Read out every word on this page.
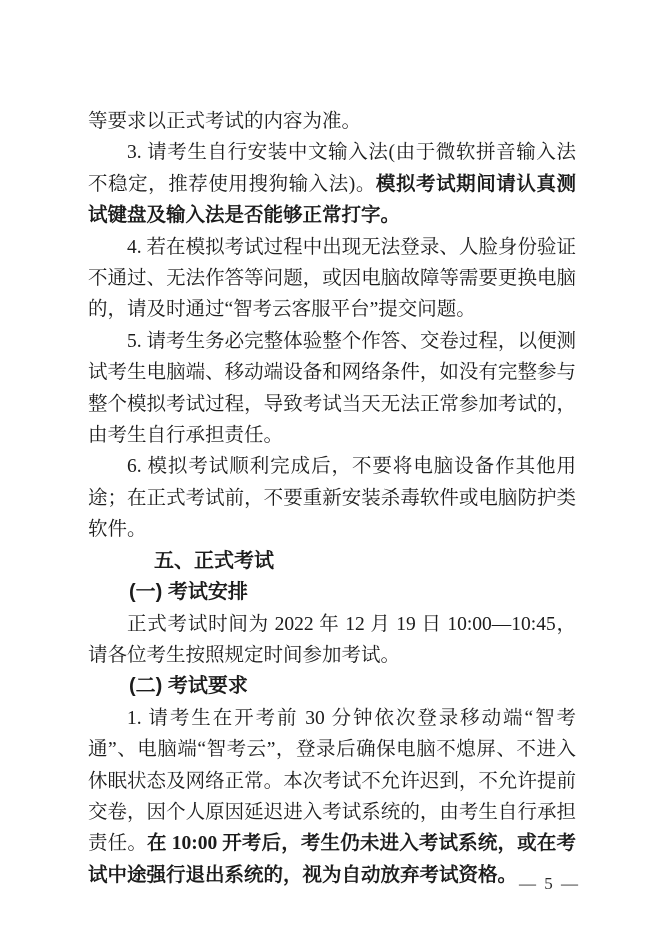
等要求以正式考试的内容为准。

3. 请考生自行安装中文输入法(由于微软拼音输入法不稳定，推荐使用搜狗输入法)。模拟考试期间请认真测试键盘及输入法是否能够正常打字。

4. 若在模拟考试过程中出现无法登录、人脸身份验证不通过、无法作答等问题，或因电脑故障等需要更换电脑的，请及时通过“智考云客服平台”提交问题。

5. 请考生务必完整体验整个作答、交卷过程，以便测试考生电脑端、移动端设备和网络条件，如没有完整参与整个模拟考试过程，导致考试当天无法正常参加考试的，由考生自行承担责任。

6. 模拟考试顺利完成后，不要将电脑设备作其他用途；在正式考试前，不要重新安装杀毒软件或电脑防护类软件。

五、正式考试

(一) 考试安排

正式考试时间为 2022 年 12 月 19 日 10:00—10:45，请各位考生按照规定时间参加考试。

(二) 考试要求

1. 请考生在开考前 30 分钟依次登录移动端“智考通”、电脑端“智考云”，登录后确保电脑不熄屏、不进入休眠状态及网络正常。本次考试不允许迟到，不允许提前交卷，因个人原因延迟进入考试系统的，由考生自行承担责任。在 10:00 开考后，考生仍未进入考试系统，或在考试中途强行退出系统的，视为自动放弃考试资格。 — 5 —
